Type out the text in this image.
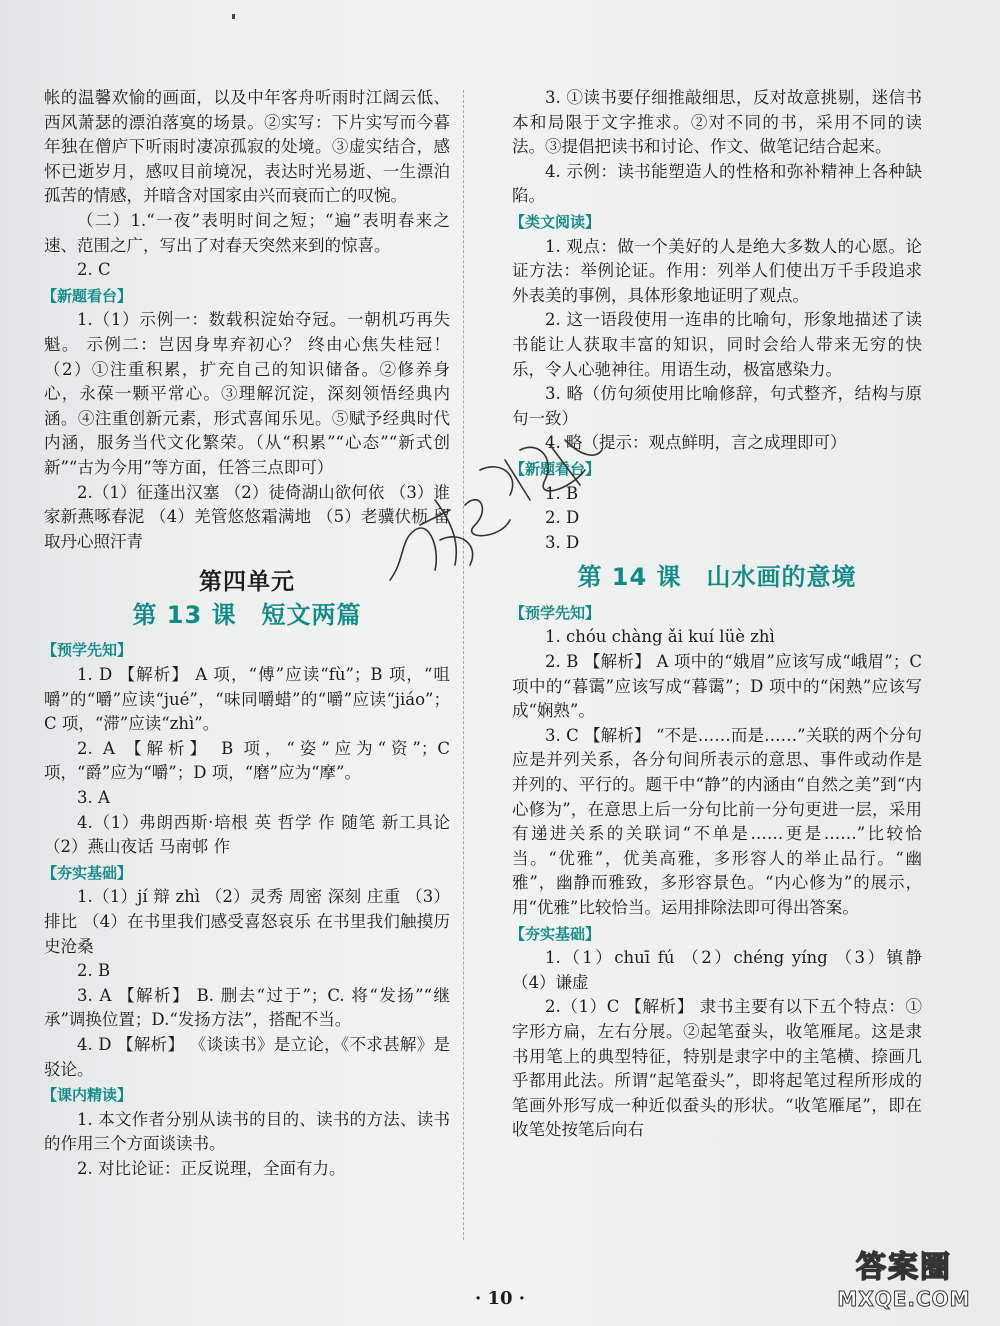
帐的温馨欢愉的画面，以及中年客舟听雨时江阔云低、西风萧瑟的漂泊落寞的场景。②实写：下片实写而今暮年独在僧庐下听雨时凄凉孤寂的处境。③虚实结合，感怀已逝岁月，感叹目前境况，表达时光易逝、一生漂泊孤苦的情感，并暗含对国家由兴而衰而亡的叹惋。

（二）1.“一夜”表明时间之短；“遍”表明春来之速、范围之广，写出了对春天突然来到的惊喜。

2. C

【新题看台】

1.（1）示例一：数载积淀始夺冠。一朝机巧再失魁。 示例二：岂因身卑弃初心？ 终由心焦失桂冠！（2）①注重积累，扩充自己的知识储备。②修养身心，永葆一颗平常心。③理解沉淀，深刻领悟经典内涵。④注重创新元素，形式喜闻乐见。⑤赋予经典时代内涵，服务当代文化繁荣。（从“积累”“心态”“新式创新”“古为今用”等方面，任答三点即可）

2.（1）征蓬出汉塞 （2）徒倚湖山欲何依 （3）谁家新燕啄春泥 （4）羌管悠悠霜满地 （5）老骥伏枥 留取丹心照汗青

第四单元
第 13 课　短文两篇
【预学先知】

1. D 【解析】 A 项，“傅”应读“fù”；B 项，“咀嚼”的“嚼”应读“jué”，“味同嚼蜡”的“嚼”应读“jiáo”；C 项，“滞”应读“zhì”。

2. A 【解析】 B 项，“姿”应为“资”；C 项，“爵”应为“嚼”；D 项，“磨”应为“摩”。

3. A

4.（1）弗朗西斯·培根 英 哲学 作 随笔 新工具论 （2）燕山夜话 马南邨 作

【夯实基础】

1.（1）jí 辩 zhì （2）灵秀 周密 深刻 庄重 （3）排比 （4）在书里我们感受喜怒哀乐 在书里我们触摸历史沧桑

2. B

3. A 【解析】 B. 删去“过于”；C. 将“发扬”“继承”调换位置；D.“发扬方法”，搭配不当。

4. D 【解析】 《谈读书》是立论，《不求甚解》是驳论。

【课内精读】

1. 本文作者分别从读书的目的、读书的方法、读书的作用三个方面谈读书。

2. 对比论证：正反说理，全面有力。

3. ①读书要仔细推敲细思，反对故意挑剔，迷信书本和局限于文字推求。②对不同的书，采用不同的读法。③提倡把读书和讨论、作文、做笔记结合起来。

4. 示例：读书能塑造人的性格和弥补精神上各种缺陷。

【类文阅读】

1. 观点：做一个美好的人是绝大多数人的心愿。论证方法：举例论证。作用：列举人们使出万千手段追求外表美的事例，具体形象地证明了观点。

2. 这一语段使用一连串的比喻句，形象地描述了读书能让人获取丰富的知识，同时会给人带来无穷的快乐，令人心驰神往。用语生动，极富感染力。

3. 略（仿句须使用比喻修辞，句式整齐，结构与原句一致）

4. 略（提示：观点鲜明，言之成理即可）

【新题看台】

1. B

2. D

3. D

第 14 课　山水画的意境
【预学先知】

1. chóu chàng ǎi kuí lüè zhì

2. B 【解析】 A 项中的“娥眉”应该写成“峨眉”；C 项中的“暮霭”应该写成“暮霭”；D 项中的“闲熟”应该写成“娴熟”。

3. C 【解析】 “不是……而是……”关联的两个分句应是并列关系，各分句间所表示的意思、事件或动作是并列的、平行的。题干中“静”的内涵由“自然之美”到“内心修为”，在意思上后一分句比前一分句更进一层，采用有递进关系的关联词“不单是……更是……”比较恰当。“优雅”，优美高雅，多形容人的举止品行。“幽雅”，幽静而雅致，多形容景色。“内心修为”的展示，用“优雅”比较恰当。运用排除法即可得出答案。

【夯实基础】

1.（1）chuī fú （2）chéng yíng （3）镇静 （4）谦虚

2.（1）C 【解析】 隶书主要有以下五个特点：①字形方扁，左右分展。②起笔蚕头，收笔雁尾。这是隶书用笔上的典型特征，特别是隶字中的主笔横、捺画几乎都用此法。所谓“起笔蚕头”，即将起笔过程所形成的笔画外形写成一种近似蚕头的形状。“收笔雁尾”，即在收笔处按笔后向右

· 10 ·
答案圈
MXQE.COM
